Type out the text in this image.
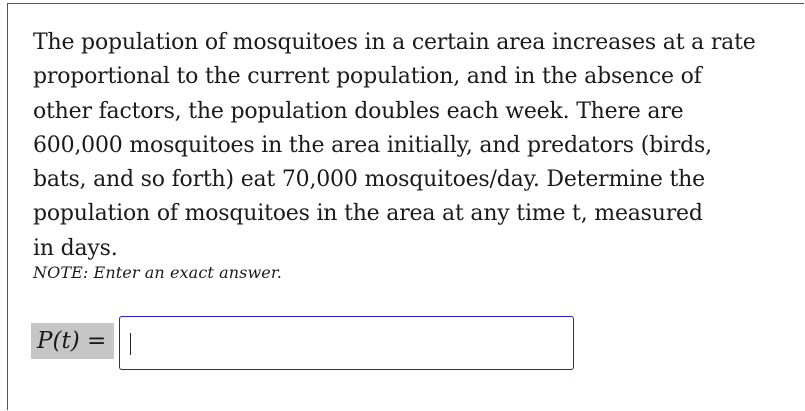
The population of mosquitoes in a certain area increases at a rate
proportional to the current population, and in the absence of
other factors, the population doubles each week. There are
600,000 mosquitoes in the area initially, and predators (birds,
bats, and so forth) eat 70,000 mosquitoes/day. Determine the
population of mosquitoes in the area at any time t, measured
in days.
NOTE: Enter an exact answer.
P(t) =
